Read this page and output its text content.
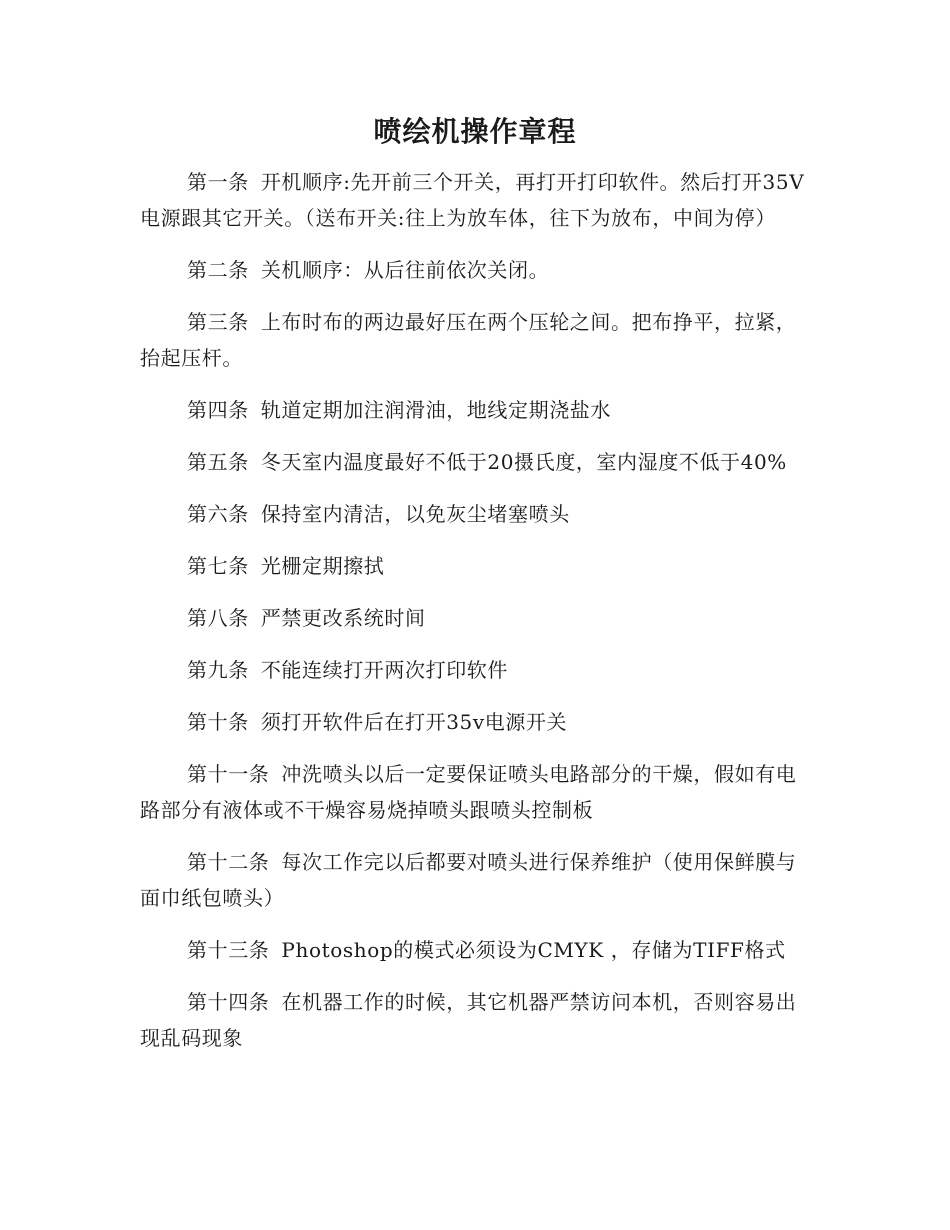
喷绘机操作章程

第一条 开机顺序:先开前三个开关，再打开打印软件。然后打开35V电源跟其它开关。（送布开关:往上为放车体，往下为放布，中间为停）

第二条 关机顺序：从后往前依次关闭。

第三条 上布时布的两边最好压在两个压轮之间。把布挣平，拉紧，抬起压杆。

第四条 轨道定期加注润滑油，地线定期浇盐水

第五条 冬天室内温度最好不低于20摄氏度，室内湿度不低于40%

第六条 保持室内清洁，以免灰尘堵塞喷头

第七条 光栅定期擦拭

第八条 严禁更改系统时间

第九条 不能连续打开两次打印软件

第十条 须打开软件后在打开35v电源开关

第十一条 冲洗喷头以后一定要保证喷头电路部分的干燥，假如有电路部分有液体或不干燥容易烧掉喷头跟喷头控制板

第十二条 每次工作完以后都要对喷头进行保养维护（使用保鲜膜与面巾纸包喷头）

第十三条 Photoshop的模式必须设为CMYK ，存储为TIFF格式

第十四条 在机器工作的时候，其它机器严禁访问本机，否则容易出现乱码现象
